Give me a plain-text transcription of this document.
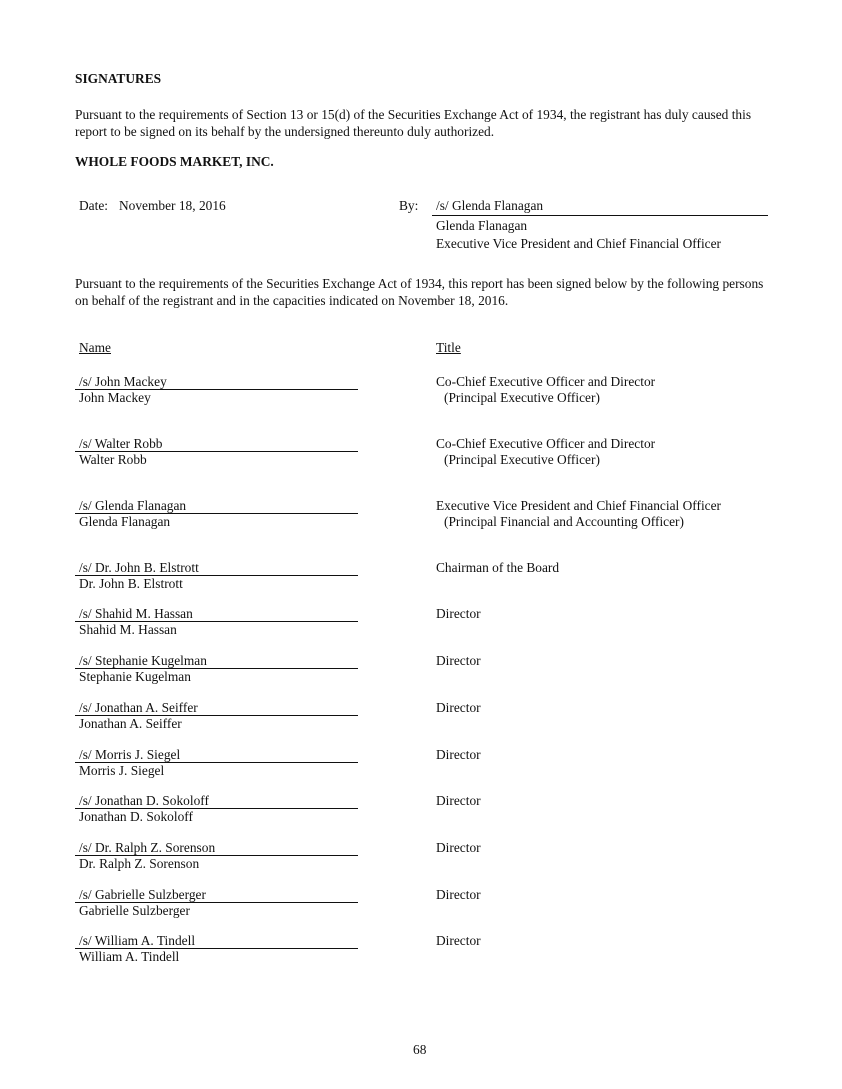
SIGNATURES
Pursuant to the requirements of Section 13 or 15(d) of the Securities Exchange Act of 1934, the registrant has duly caused this report to be signed on its behalf by the undersigned thereunto duly authorized.
WHOLE FOODS MARKET, INC.
Date: November 18, 2016	By: /s/ Glenda Flanagan
Glenda Flanagan
Executive Vice President and Chief Financial Officer
Pursuant to the requirements of the Securities Exchange Act of 1934, this report has been signed below by the following persons on behalf of the registrant and in the capacities indicated on November 18, 2016.
Name	Title
/s/ John Mackey
John Mackey
Co-Chief Executive Officer and Director
(Principal Executive Officer)
/s/ Walter Robb
Walter Robb
Co-Chief Executive Officer and Director
(Principal Executive Officer)
/s/ Glenda Flanagan
Glenda Flanagan
Executive Vice President and Chief Financial Officer
(Principal Financial and Accounting Officer)
/s/ Dr. John B. Elstrott
Dr. John B. Elstrott
Chairman of the Board
/s/ Shahid M. Hassan
Shahid M. Hassan
Director
/s/ Stephanie Kugelman
Stephanie Kugelman
Director
/s/ Jonathan A. Seiffer
Jonathan A. Seiffer
Director
/s/ Morris J. Siegel
Morris J. Siegel
Director
/s/ Jonathan D. Sokoloff
Jonathan D. Sokoloff
Director
/s/ Dr. Ralph Z. Sorenson
Dr. Ralph Z. Sorenson
Director
/s/ Gabrielle Sulzberger
Gabrielle Sulzberger
Director
/s/ William A. Tindell
William A. Tindell
Director
68
